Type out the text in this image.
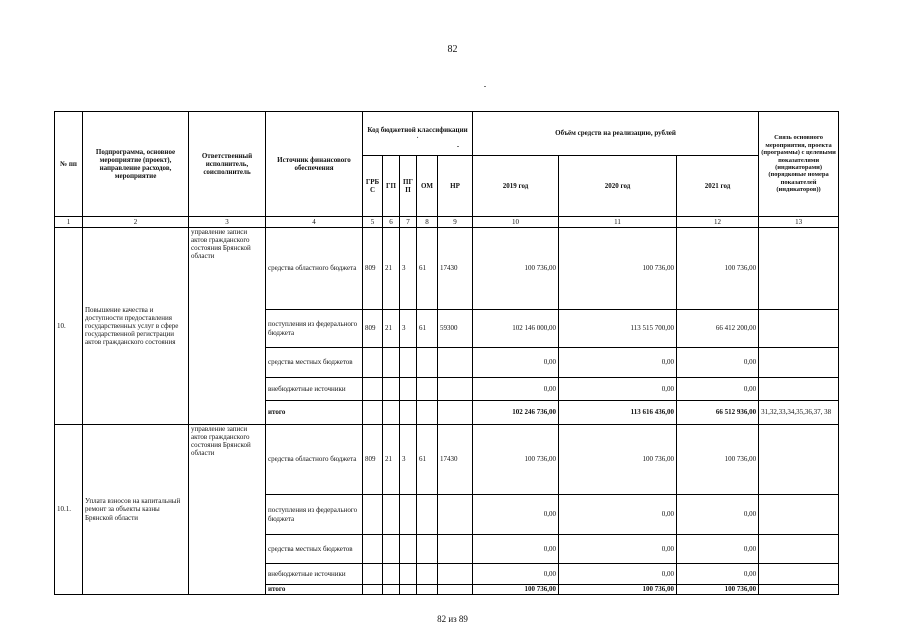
82
№ пп	Подпрограмма, основное мероприятие (проект), направление расходов, мероприятие	Ответственный исполнитель, соисполнитель	Источник финансового обеспечения	Код бюджетной классификации
·					Объём средств на реализацию, рублей			Связь основного мероприятия, проекта (программы) с целевыми показателями (индикаторами) (порядковые номера показателей (индикаторов))
				ГРБ С	ГП	ПГ П	ОМ	НР	2019 год	2020 год	2021 год	
1	2	3	4	5	6	7	8	9	10	11	12	13
10.	Повышение качества и доступности предоставления государственных услуг в сфере государственной регистрации актов гражданского состояния	управление записи актов гражданского состояния Брянской области	средства областного бюджета	809	21	3	61	17430	100 736,00	100 736,00	100 736,00	
			поступления из федерального бюджета	809	21	3	61	59300	102 146 000,00	113 515 700,00	66 412 200,00	
			средства местных бюджетов						0,00	0,00	0,00	
			внебюджетные источники						0,00	0,00	0,00	
			итого						102 246 736,00	113 616 436,00	66 512 936,00	31,32,33,34,35,36,37, 38
10.1.	Уплата взносов на капитальный ремонт за объекты казны Брянской области	управление записи актов гражданского состояния Брянской области	средства областного бюджета	809	21	3	61	17430	100 736,00	100 736,00	100 736,00	
			поступления из федерального бюджета						0,00	0,00	0,00	
			средства местных бюджетов						0,00	0,00	0,00	
			внебюджетные источники						0,00	0,00	0,00	
			итого						100 736,00	100 736,00	100 736,00	
82 из 89
